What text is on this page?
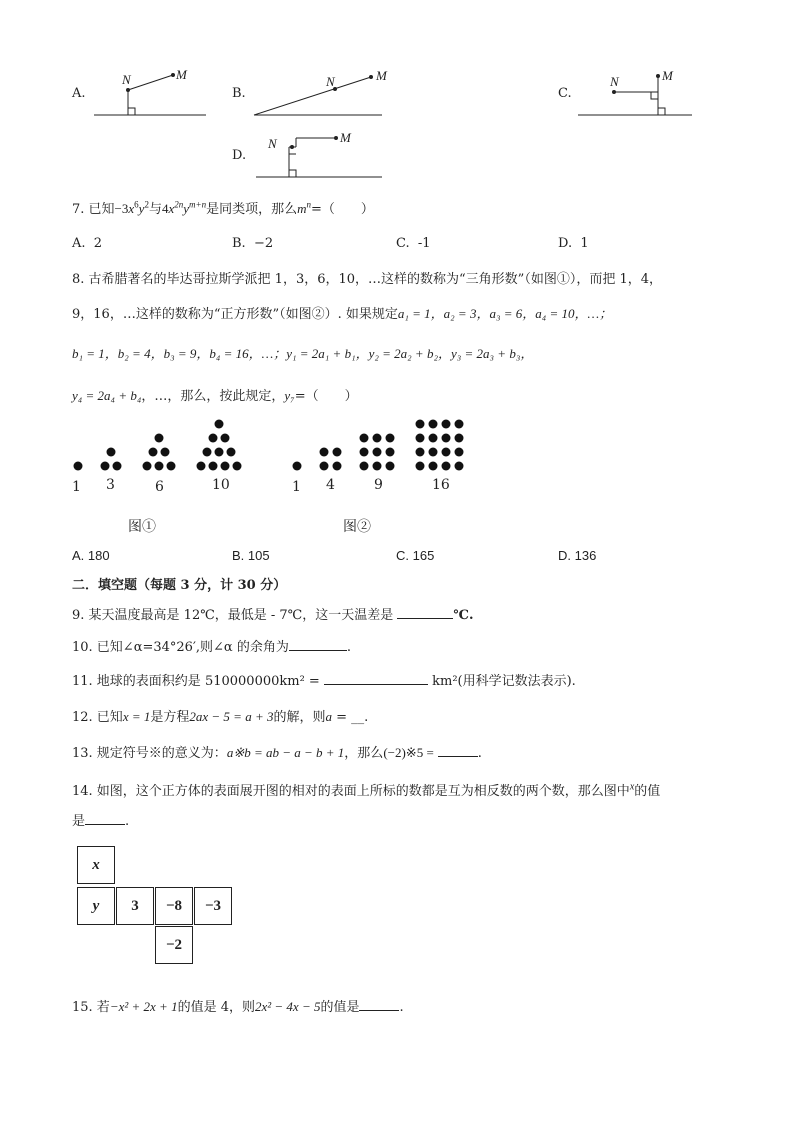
A.
N	M
B.
N	M
C.
N	M
D.
N	M
7. 已知$-3x^6y^2$与$4x^{2n}y^{m+n}$是同类项，那么$m^n=$（　　）
A. 2	B. −2	C. -1	D. 1
8. 古希腊著名的毕达哥拉斯学派把 1，3，6，10，…这样的数称为“三角形数”（如图①），而把 1，4，
9，16，…这样的数称为“正方形数”（如图②）. 如果规定a₁ = 1，a₂ = 3，a₃ = 6，a₄ = 10，…；
b₁ = 1，b₂ = 4，b₃ = 9，b₄ = 16，…；y₁ = 2a₁ + b₁，y₂ = 2a₂ + b₂，y₃ = 2a₃ + b₃，
y₄ = 2a₄ + b₄，…，那么，按此规定，y₇=（　　）
1 3	6	10	1 4	9	16
图①	图②
A. 180	B. 105	C. 165	D. 136
二．填空题（每题 3 分，计 30 分）
9. 某天温度最高是 12℃，最低是 - 7℃，这一天温差是	℃.
10. 已知∠α=34°26′,则∠α 的余角为	.
11. 地球的表面积约是 510000000km² =	km²(用科学记数法表示).
12. 已知x = 1是方程2ax − 5 = a + 3的解，则a = __.
13. 规定符号※的意义为：a※b = ab − a − b + 1，那么(−2)※5 =	.
14. 如图，这个正方体的表面展开图的相对的表面上所标的数都是互为相反数的两个数，那么图中$^x$的值
是	.
x
y	3	−8	−3
−2
15. 若−x² + 2x + 1的值是 4，则2x² − 4x − 5的值是	.
